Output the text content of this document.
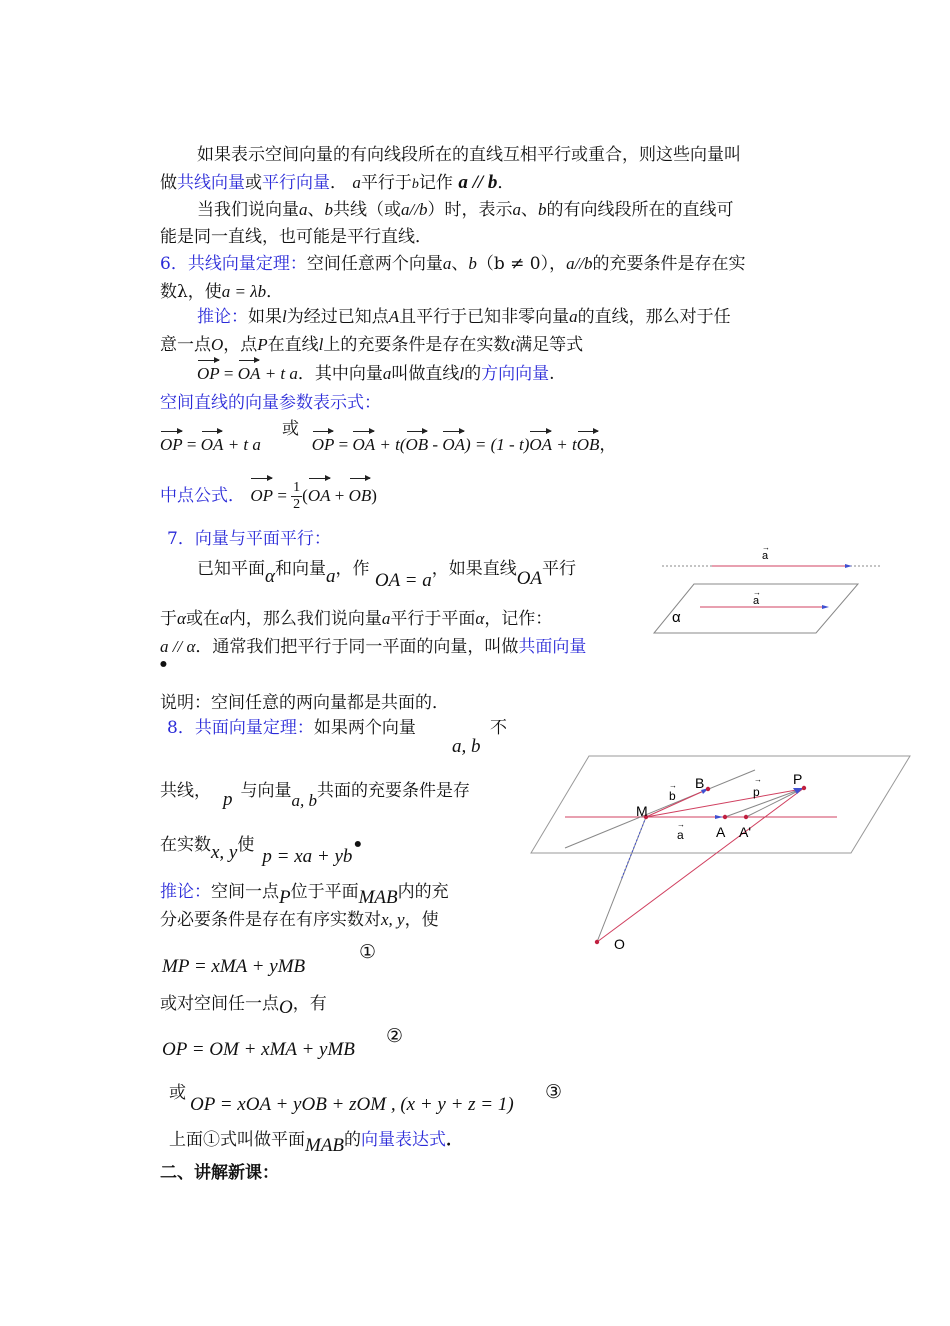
如果表示空间向量的有向线段所在的直线互相平行或重合，则这些向量叫
做共线向量或平行向量． a平行于b记作 a // b．
当我们说向量a、b共线（或a//b）时，表示a、b的有向线段所在的直线可
能是同一直线，也可能是平行直线．
6．共线向量定理：空间任意两个向量a、b（b ≠ 0），a//b的充要条件是存在实
数λ，使a = λb．
推论：如果l为经过已知点A且平行于已知非零向量a的直线，那么对于任
意一点O，点P在直线l上的充要条件是存在实数t满足等式
OP = OA + t a．其中向量a叫做直线l的方向向量.
空间直线的向量参数表示式：
或
OP = OA + t a	OP = OA + t(OB - OA) = (1 - t)OA + tOB，
中点公式． OP = $\frac{1}{2} (OA + OB)$
7．向量与平面平行：
已知平面α和向量a，作 OA = a，如果直线OA平行
于α或在α内，那么我们说向量a平行于平面α，记作：
a // α．通常我们把平行于同一平面的向量，叫做共面向量
•
说明：空间任意的两向量都是共面的．
a
→
a
→
α
8．共面向量定理：如果两个向量	不
a, b
共线， p 与向量a, b共面的充要条件是存
在实数x, y使p = xa + yb•
推论：空间一点P位于平面MAB内的充
分必要条件是存在有序实数对x, y，使
MP = xMA + yMB
①
或对空间任一点O，有
OP = OM + xMA + yMB
②
或
OP = xOA + yOB + zOM , (x + y + z = 1)
③
上面①式叫做平面MAB的向量表达式．
二、讲解新课：
M
B
b
→	p
→ P
a
→ A A'
O
